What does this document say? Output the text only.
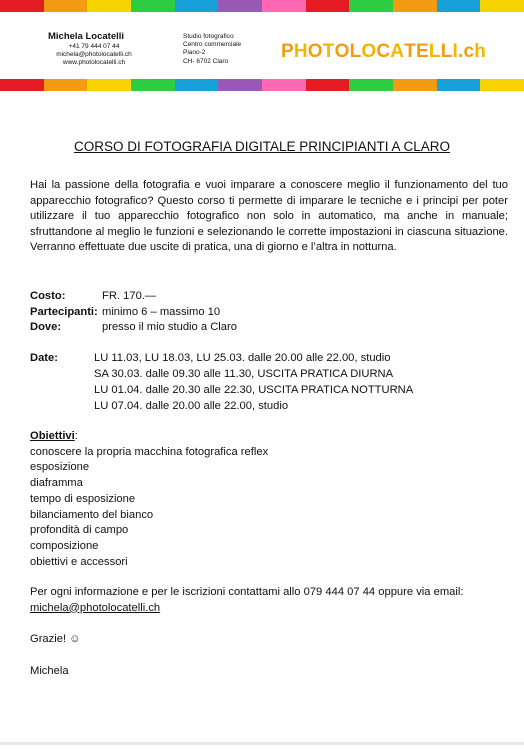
Michela Locatelli
+41 79 444 07 44
michela@photolocatelli.ch
www.photolocatelli.ch
Studio fotografico
Centro commerciale
Piano-2
CH- 6702 Claro	PHOTOLOCATELLI.ch
CORSO DI FOTOGRAFIA DIGITALE PRINCIPIANTI A CLARO
Hai la passione della fotografia e vuoi imparare a conoscere meglio il funzionamento del tuo apparecchio fotografico? Questo corso ti permette di imparare le tecniche e i principi per poter utilizzare il tuo apparecchio fotografico non solo in automatico, ma anche in manuale; sfruttandone al meglio le funzioni e selezionando le corrette impostazioni in ciascuna situazione. Verranno effettuate due uscite di pratica, una di giorno e l’altra in notturna.
Costo:	FR. 170.—
Partecipanti: minimo 6 – massimo 10
Dove:	presso il mio studio a Claro
Date:	LU 11.03, LU 18.03, LU 25.03. dalle 20.00 alle 22.00, studio
SA 30.03. dalle 09.30 alle 11.30, USCITA PRATICA DIURNA
LU 01.04. dalle 20.30 alle 22.30, USCITA PRATICA NOTTURNA
LU 07.04. dalle 20.00 alle 22.00, studio
Obiettivi:
conoscere la propria macchina fotografica reflex
esposizione
diaframma
tempo di esposizione
bilanciamento del bianco
profondità di campo
composizione
obiettivi e accessori
Per ogni informazione e per le iscrizioni contattami allo 079 444 07 44 oppure via email:
michela@photolocatelli.ch
Grazie! ☺
Michela
